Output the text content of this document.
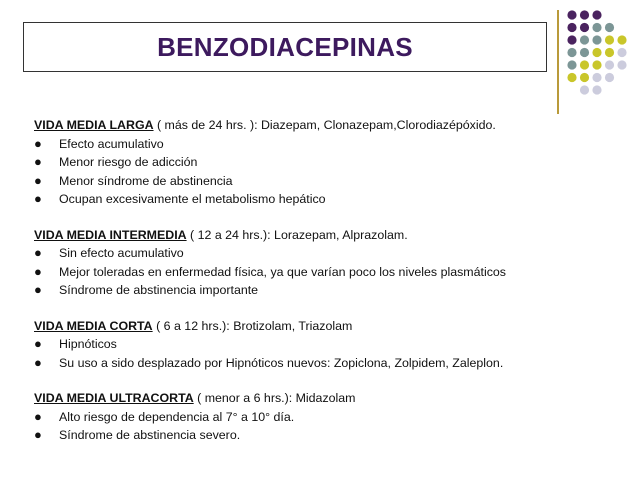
BENZODIACEPINAS
VIDA MEDIA LARGA ( más de 24 hrs. ): Diazepam, Clonazepam,Clorodiazépóxido.
● Efecto acumulativo
● Menor riesgo de adicción
● Menor síndrome de abstinencia
● Ocupan excesivamente el metabolismo hepático
VIDA MEDIA INTERMEDIA ( 12 a 24 hrs.): Lorazepam, Alprazolam.
● Sin efecto acumulativo
● Mejor toleradas en enfermedad física, ya que varían poco los niveles plasmáticos
● Síndrome de abstinencia importante
VIDA MEDIA CORTA ( 6 a 12 hrs.): Brotizolam, Triazolam
● Hipnóticos
● Su uso a sido desplazado por Hipnóticos nuevos: Zopiclona, Zolpidem, Zaleplon.
VIDA MEDIA ULTRACORTA ( menor a 6 hrs.): Midazolam
● Alto riesgo de dependencia al 7° a 10° día.
● Síndrome de abstinencia severo.
